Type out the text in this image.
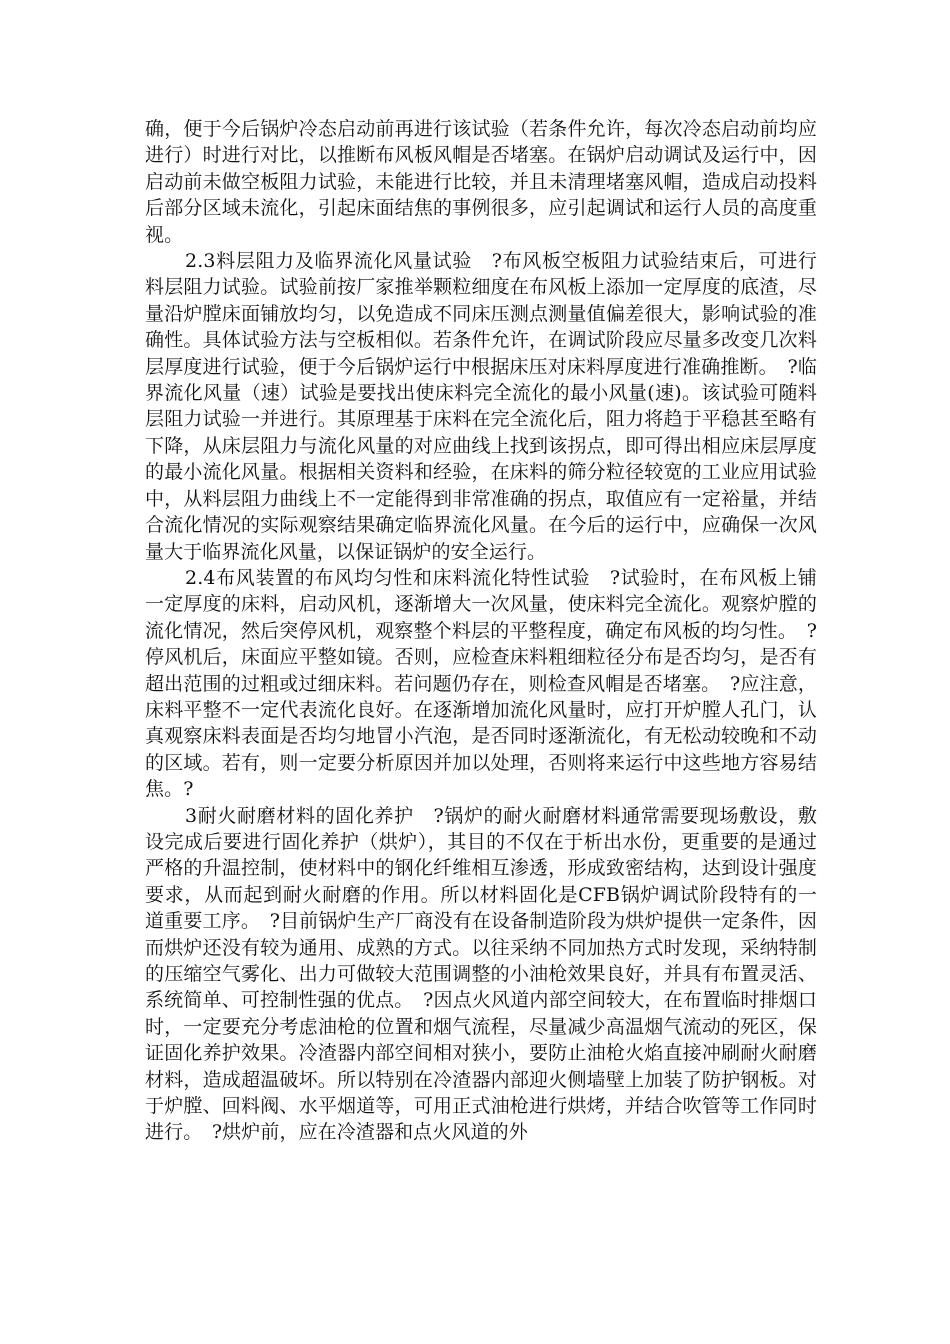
确，便于今后锅炉冷态启动前再进行该试验（若条件允许，每次冷态启动前均应进行）时进行对比，以推断布风板风帽是否堵塞。在锅炉启动调试及运行中，因启动前未做空板阻力试验，未能进行比较，并且未清理堵塞风帽，造成启动投料后部分区域未流化，引起床面结焦的事例很多，应引起调试和运行人员的高度重视。

2.3料层阻力及临界流化风量试验　?布风板空板阻力试验结束后，可进行料层阻力试验。试验前按厂家推举颗粒细度在布风板上添加一定厚度的底渣，尽量沿炉膛床面铺放均匀，以免造成不同床压测点测量值偏差很大，影响试验的准确性。具体试验方法与空板相似。若条件允许，在调试阶段应尽量多改变几次料层厚度进行试验，便于今后锅炉运行中根据床压对床料厚度进行准确推断。　?临界流化风量（速）试验是要找出使床料完全流化的最小风量(速)。该试验可随料层阻力试验一并进行。其原理基于床料在完全流化后，阻力将趋于平稳甚至略有下降，从床层阻力与流化风量的对应曲线上找到该拐点，即可得出相应床层厚度的最小流化风量。根据相关资料和经验，在床料的筛分粒径较宽的工业应用试验中，从料层阻力曲线上不一定能得到非常准确的拐点，取值应有一定裕量，并结合流化情况的实际观察结果确定临界流化风量。在今后的运行中，应确保一次风量大于临界流化风量，以保证锅炉的安全运行。

2.4布风装置的布风均匀性和床料流化特性试验　?试验时，在布风板上铺一定厚度的床料，启动风机，逐渐增大一次风量，使床料完全流化。观察炉膛的流化情况，然后突停风机，观察整个料层的平整程度，确定布风板的均匀性。　?停风机后，床面应平整如镜。否则，应检查床料粗细粒径分布是否均匀，是否有超出范围的过粗或过细床料。若问题仍存在，则检查风帽是否堵塞。　?应注意，床料平整不一定代表流化良好。在逐渐增加流化风量时，应打开炉膛人孔门，认真观察床料表面是否均匀地冒小汽泡，是否同时逐渐流化，有无松动较晚和不动的区域。若有，则一定要分析原因并加以处理，否则将来运行中这些地方容易结焦。?

3耐火耐磨材料的固化养护　?锅炉的耐火耐磨材料通常需要现场敷设，敷设完成后要进行固化养护（烘炉），其目的不仅在于析出水份，更重要的是通过严格的升温控制，使材料中的钢化纤维相互渗透，形成致密结构，达到设计强度要求，从而起到耐火耐磨的作用。所以材料固化是CFB锅炉调试阶段特有的一道重要工序。　?目前锅炉生产厂商没有在设备制造阶段为烘炉提供一定条件，因而烘炉还没有较为通用、成熟的方式。以往采纳不同加热方式时发现，采纳特制的压缩空气雾化、出力可做较大范围调整的小油枪效果良好，并具有布置灵活、系统简单、可控制性强的优点。　?因点火风道内部空间较大，在布置临时排烟口时，一定要充分考虑油枪的位置和烟气流程，尽量减少高温烟气流动的死区，保证固化养护效果。冷渣器内部空间相对狭小，要防止油枪火焰直接冲刷耐火耐磨材料，造成超温破坏。所以特别在冷渣器内部迎火侧墙壁上加装了防护钢板。对于炉膛、回料阀、水平烟道等，可用正式油枪进行烘烤，并结合吹管等工作同时进行。　?烘炉前，应在冷渣器和点火风道的外
